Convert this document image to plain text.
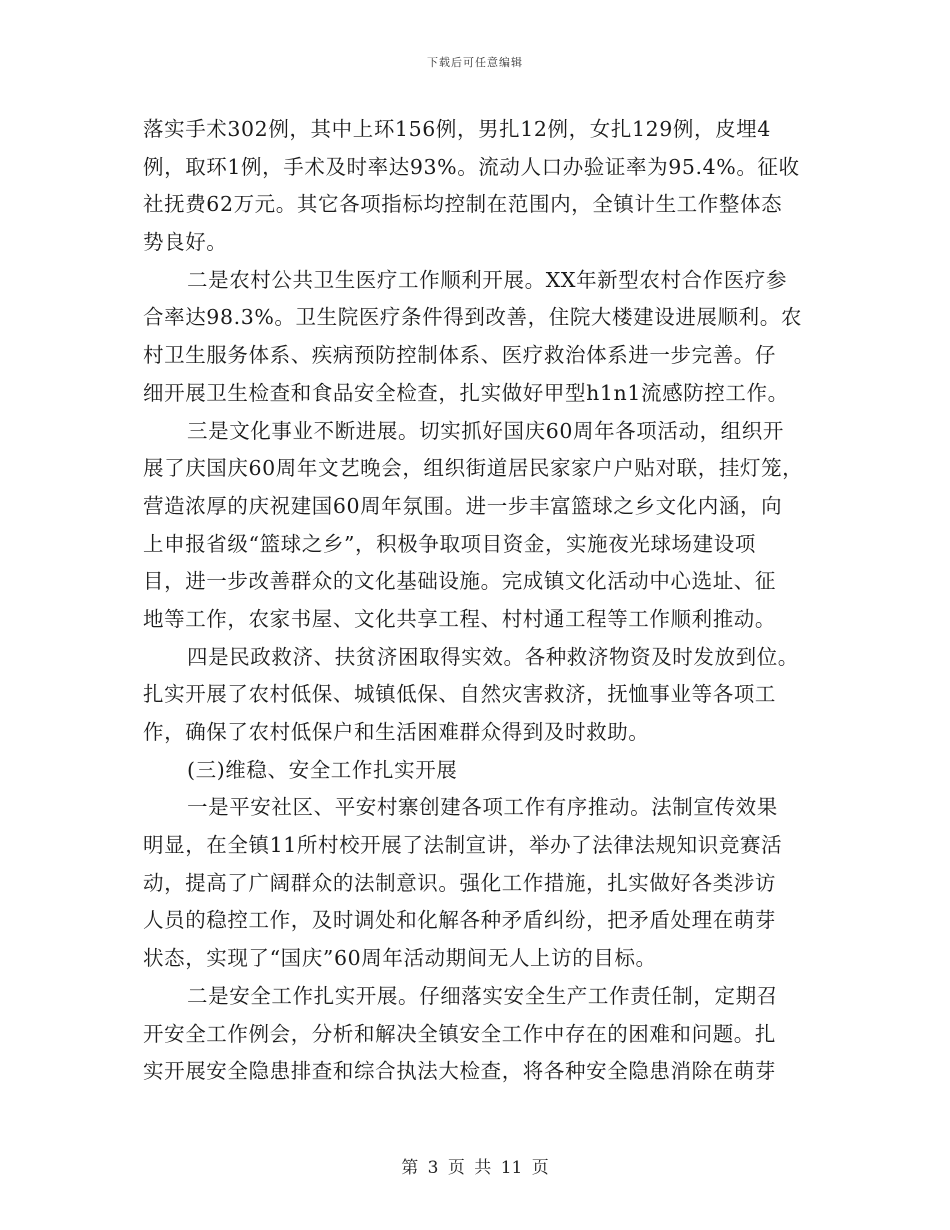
下载后可任意编辑
落实手术302例，其中上环156例，男扎12例，女扎129例，皮埋4
例，取环1例，手术及时率达93%。流动人口办验证率为95.4%。征收
社抚费62万元。其它各项指标均控制在范围内，全镇计生工作整体态
势良好。
二是农村公共卫生医疗工作顺利开展。XX年新型农村合作医疗参
合率达98.3%。卫生院医疗条件得到改善，住院大楼建设进展顺利。农
村卫生服务体系、疾病预防控制体系、医疗救治体系进一步完善。仔
细开展卫生检查和食品安全检查，扎实做好甲型h1n1流感防控工作。
三是文化事业不断进展。切实抓好国庆60周年各项活动，组织开
展了庆国庆60周年文艺晚会，组织街道居民家家户户贴对联，挂灯笼，
营造浓厚的庆祝建国60周年氛围。进一步丰富篮球之乡文化内涵，向
上申报省级“篮球之乡”，积极争取项目资金，实施夜光球场建设项
目，进一步改善群众的文化基础设施。完成镇文化活动中心选址、征
地等工作，农家书屋、文化共享工程、村村通工程等工作顺利推动。
四是民政救济、扶贫济困取得实效。各种救济物资及时发放到位。
扎实开展了农村低保、城镇低保、自然灾害救济，抚恤事业等各项工
作，确保了农村低保户和生活困难群众得到及时救助。
(三)维稳、安全工作扎实开展
一是平安社区、平安村寨创建各项工作有序推动。法制宣传效果
明显，在全镇11所村校开展了法制宣讲，举办了法律法规知识竞赛活
动，提高了广阔群众的法制意识。强化工作措施，扎实做好各类涉访
人员的稳控工作，及时调处和化解各种矛盾纠纷，把矛盾处理在萌芽
状态，实现了“国庆”60周年活动期间无人上访的目标。
二是安全工作扎实开展。仔细落实安全生产工作责任制，定期召
开安全工作例会，分析和解决全镇安全工作中存在的困难和问题。扎
实开展安全隐患排查和综合执法大检查，将各种安全隐患消除在萌芽
第 3 页 共 11 页
